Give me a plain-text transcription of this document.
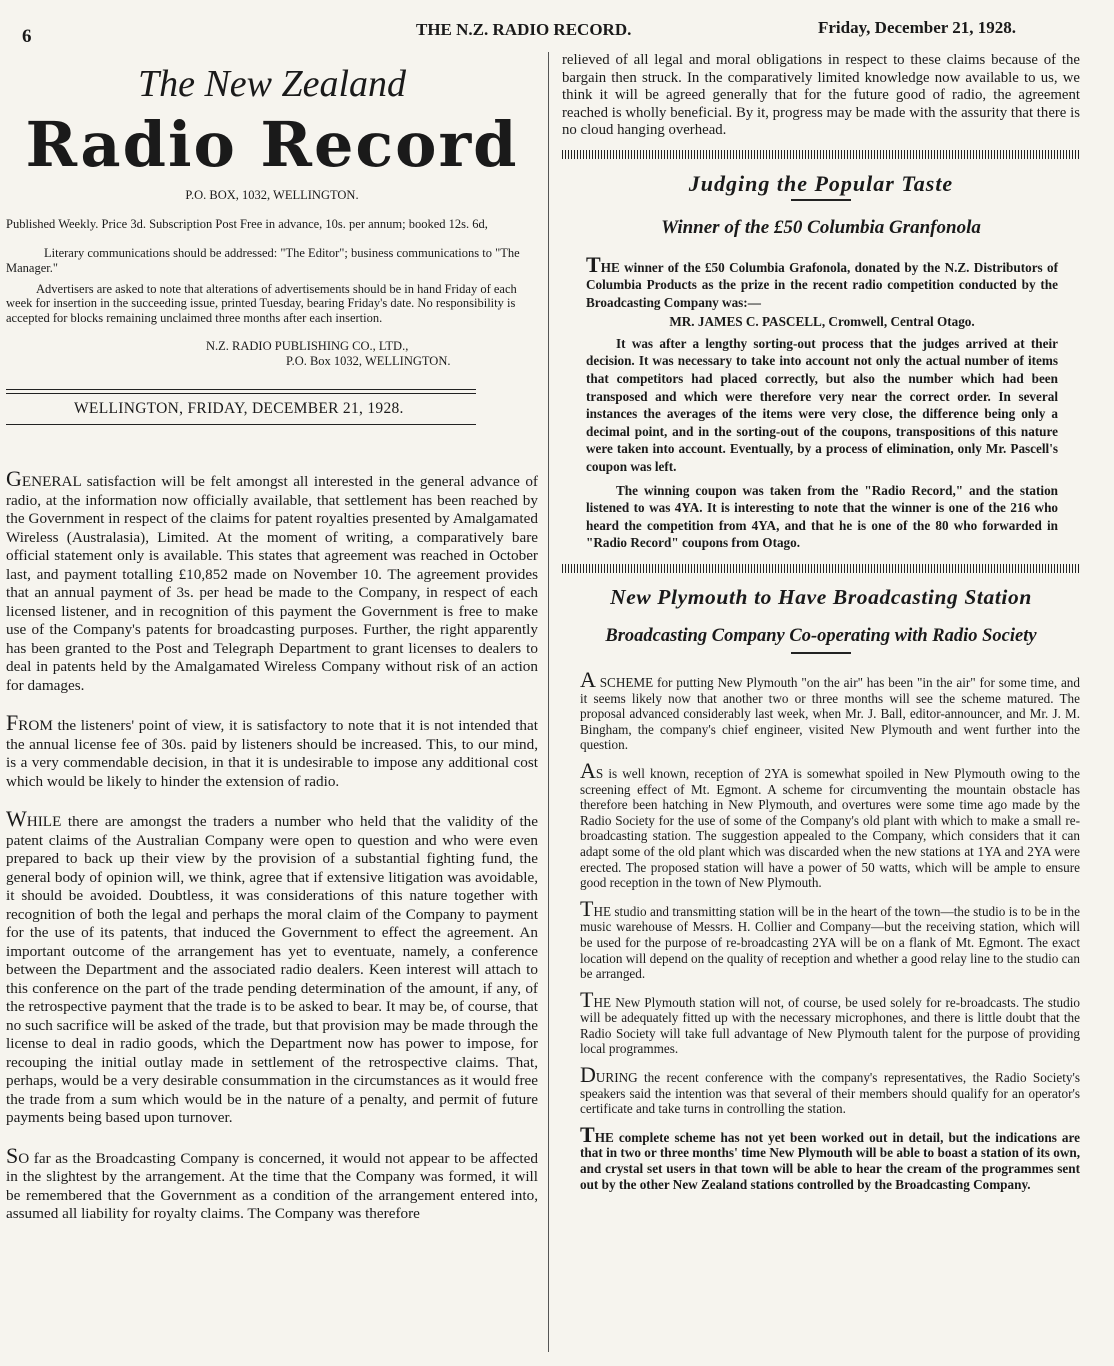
6	THE N.Z. RADIO RECORD.	Friday, December 21, 1928.
The New Zealand
Radio Record
P.O. BOX, 1032, WELLINGTON.

Published Weekly. Price 3d. Subscription Post Free in advance, 10s. per annum; booked 12s. 6d,

Literary communications should be addressed: "The Editor"; business communications to "The Manager."

Advertisers are asked to note that alterations of advertisements should be in hand Friday of each week for insertion in the succeeding issue, printed Tuesday, bearing Friday's date. No responsibility is accepted for blocks remaining unclaimed three months after each insertion.

N.Z. RADIO PUBLISHING CO., LTD.,
P.O. Box 1032, WELLINGTON.
WELLINGTON, FRIDAY, DECEMBER 21, 1928.

GENERAL satisfaction will be felt amongst all interested in the general advance of radio, at the information now officially available, that settlement has been reached by the Government in respect of the claims for patent royalties presented by Amalgamated Wireless (Australasia), Limited. At the moment of writing, a comparatively bare official statement only is available. This states that agreement was reached in October last, and payment totalling £10,852 made on November 10. The agreement provides that an annual payment of 3s. per head be made to the Company, in respect of each licensed listener, and in recognition of this payment the Government is free to make use of the Company's patents for broadcasting purposes. Further, the right apparently has been granted to the Post and Telegraph Department to grant licenses to dealers to deal in patents held by the Amalgamated Wireless Company without risk of an action for damages.

FROM the listeners' point of view, it is satisfactory to note that it is not intended that the annual license fee of 30s. paid by listeners should be increased. This, to our mind, is a very commendable decision, in that it is undesirable to impose any additional cost which would be likely to hinder the extension of radio.

WHILE there are amongst the traders a number who held that the validity of the patent claims of the Australian Company were open to question and who were even prepared to back up their view by the provision of a substantial fighting fund, the general body of opinion will, we think, agree that if extensive litigation was avoidable, it should be avoided. Doubtless, it was considerations of this nature together with recognition of both the legal and perhaps the moral claim of the Company to payment for the use of its patents, that induced the Government to effect the agreement. An important outcome of the arrangement has yet to eventuate, namely, a conference between the Department and the associated radio dealers. Keen interest will attach to this conference on the part of the trade pending determination of the amount, if any, of the retrospective payment that the trade is to be asked to bear. It may be, of course, that no such sacrifice will be asked of the trade, but that provision may be made through the license to deal in radio goods, which the Department now has power to impose, for recouping the initial outlay made in settlement of the retrospective claims. That, perhaps, would be a very desirable consummation in the circumstances as it would free the trade from a sum which would be in the nature of a penalty, and permit of future payments being based upon turnover.

SO far as the Broadcasting Company is concerned, it would not appear to be affected in the slightest by the arrangement. At the time that the Company was formed, it will be remembered that the Government as a condition of the arrangement entered into, assumed all liability for royalty claims. The Company was therefore

relieved of all legal and moral obligations in respect to these claims because of the bargain then struck. In the comparatively limited knowledge now available to us, we think it will be agreed generally that for the future good of radio, the agreement reached is wholly beneficial. By it, progress may be made with the assurity that there is no cloud hanging overhead.

Judging the Popular Taste
Winner of the £50 Columbia Granfonola

THE winner of the £50 Columbia Grafonola, donated by the N.Z. Distributors of Columbia Products as the prize in the recent radio competition conducted by the Broadcasting Company was:—

MR. JAMES C. PASCELL, Cromwell, Central Otago.

It was after a lengthy sorting-out process that the judges arrived at their decision. It was necessary to take into account not only the actual number of items that competitors had placed correctly, but also the number which had been transposed and which were therefore very near the correct order. In several instances the averages of the items were very close, the difference being only a decimal point, and in the sorting-out of the coupons, transpositions of this nature were taken into account. Eventually, by a process of elimination, only Mr. Pascell's coupon was left.

The winning coupon was taken from the "Radio Record," and the station listened to was 4YA. It is interesting to note that the winner is one of the 216 who heard the competition from 4YA, and that he is one of the 80 who forwarded in "Radio Record" coupons from Otago.

New Plymouth to Have Broadcasting Station
Broadcasting Company Co-operating with Radio Society

A SCHEME for putting New Plymouth "on the air" has been "in the air" for some time, and it seems likely now that another two or three months will see the scheme matured. The proposal advanced considerably last week, when Mr. J. Ball, editor-announcer, and Mr. J. M. Bingham, the company's chief engineer, visited New Plymouth and went further into the question.

AS is well known, reception of 2YA is somewhat spoiled in New Plymouth owing to the screening effect of Mt. Egmont. A scheme for circumventing the mountain obstacle has therefore been hatching in New Plymouth, and overtures were some time ago made by the Radio Society for the use of some of the Company's old plant with which to make a small re-broadcasting station. The suggestion appealed to the Company, which considers that it can adapt some of the old plant which was discarded when the new stations at 1YA and 2YA were erected. The proposed station will have a power of 50 watts, which will be ample to ensure good reception in the town of New Plymouth.

THE studio and transmitting station will be in the heart of the town—the studio is to be in the music warehouse of Messrs. H. Collier and Company—but the receiving station, which will be used for the purpose of re-broadcasting 2YA will be on a flank of Mt. Egmont. The exact location will depend on the quality of reception and whether a good relay line to the studio can be arranged.

THE New Plymouth station will not, of course, be used solely for re-broadcasts. The studio will be adequately fitted up with the necessary microphones, and there is little doubt that the Radio Society will take full advantage of New Plymouth talent for the purpose of providing local programmes.

DURING the recent conference with the company's representatives, the Radio Society's speakers said the intention was that several of their members should qualify for an operator's certificate and take turns in controlling the station.

THE complete scheme has not yet been worked out in detail, but the indications are that in two or three months' time New Plymouth will be able to boast a station of its own, and crystal set users in that town will be able to hear the cream of the programmes sent out by the other New Zealand stations controlled by the Broadcasting Company.
